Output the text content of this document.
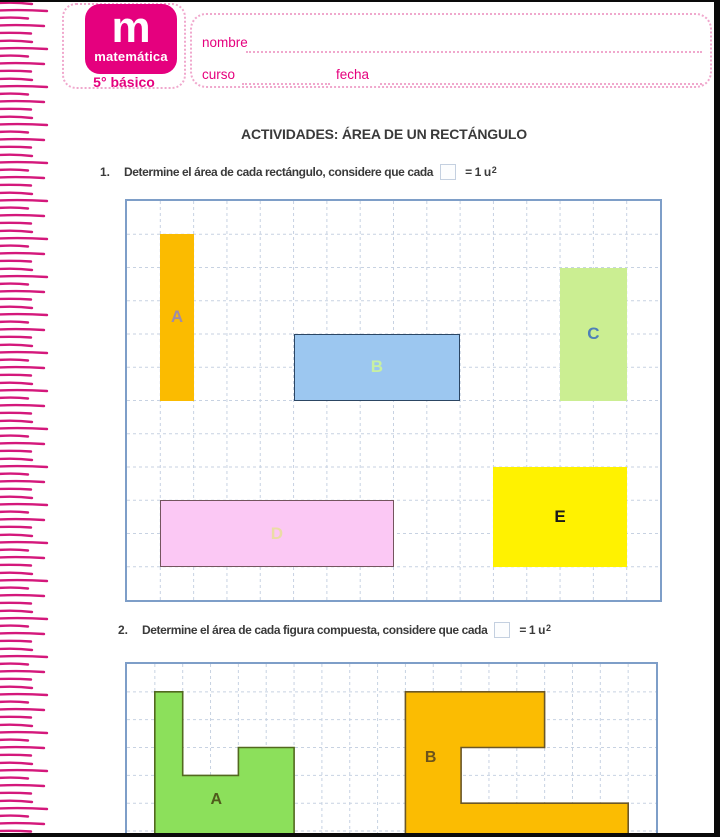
m
matemática
5° básico
nombre
curso	fecha
ACTIVIDADES: ÁREA DE UN RECTÁNGULO
1. Determine el área de cada rectángulo, considere que cada	= 1 u 2
A
B
C
D
E
2. Determine el área de cada figura compuesta, considere que cada	= 1 u 2
A
B
